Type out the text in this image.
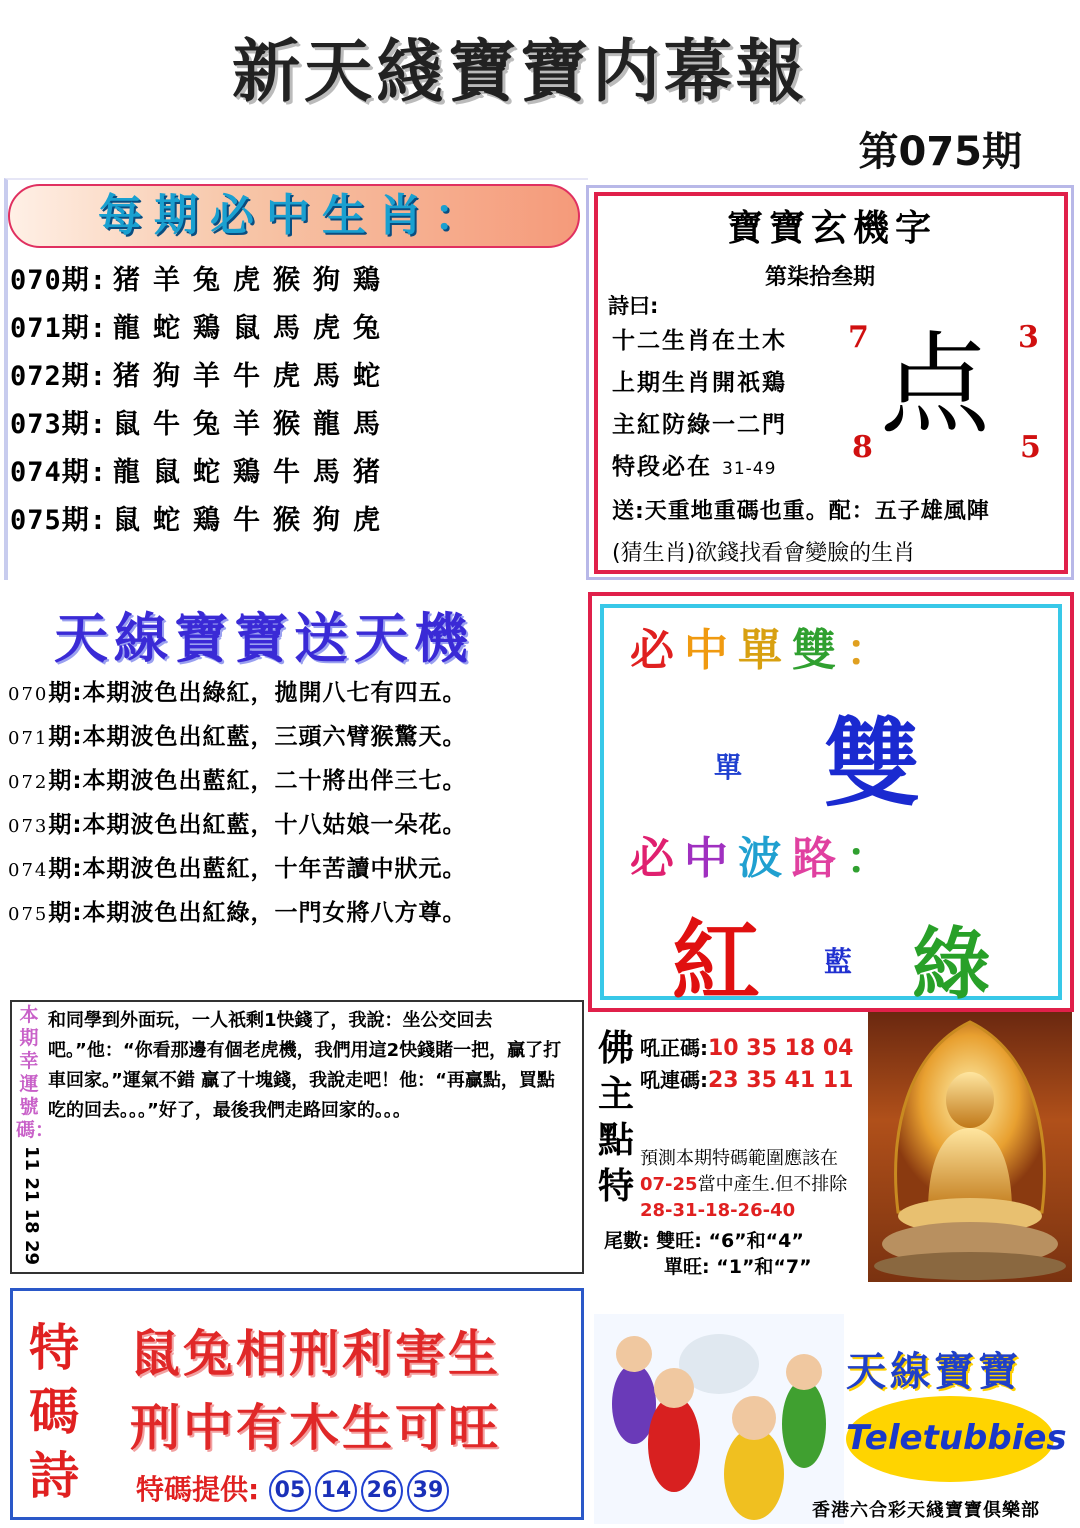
新天綫寶寶内幕報
第075期
每期必中生肖：
070期: 猪 羊 兔 虎 猴 狗 鶏
071期: 龍 蛇 鶏 鼠 馬 虎 兔
072期: 猪 狗 羊 牛 虎 馬 蛇
073期: 鼠 牛 兔 羊 猴 龍 馬
074期: 龍 鼠 蛇 鶏 牛 馬 猪
075期: 鼠 蛇 鶏 牛 猴 狗 虎
寶寶玄機字
第柒拾叁期
詩曰:
十二生肖在土木
上期生肖開祇鶏
主紅防綠一二門
特段必在 31-49
点
7	3
8	5
送:天重地重碼也重。配：五子雄風陣
(猜生肖)欲錢找看會變臉的生肖
天線寶寶送天機
070期:本期波色出綠紅，拋開八七有四五。
071期:本期波色出紅藍，三頭六臂猴驚天。
072期:本期波色出藍紅，二十將出伴三七。
073期:本期波色出紅藍，十八姑娘一朵花。
074期:本期波色出藍紅，十年苦讀中狀元。
075期:本期波色出紅綠，一門女將八方尊。
必中單雙：
單 雙
必中波路：
紅 藍 綠
本期幸運號碼：
11 21 18 29
和同學到外面玩，一人祇剩1快錢了，我說：坐公交回去吧。”他：“你看那邊有個老虎機，我們用這2快錢賭一把，贏了打車回家。”運氣不錯 贏了十塊錢，我說走吧！他：“再贏點，買點吃的回去。。。”好了，最後我們走路回家的。。。
佛主點特
吼正碼:10 35 18 04
吼連碼:23 35 41 11
預測本期特碼範圍應該在07-25當中產生.但不排除28-31-18-26-40
尾數: 雙旺: “6”和“4”
單旺: “1”和“7”
特碼詩
鼠兔相刑利害生
刑中有木生可旺
特碼提供: 05 14 26 39
天線寶寶
Teletubbies
香港六合彩天綫寶寶俱樂部
